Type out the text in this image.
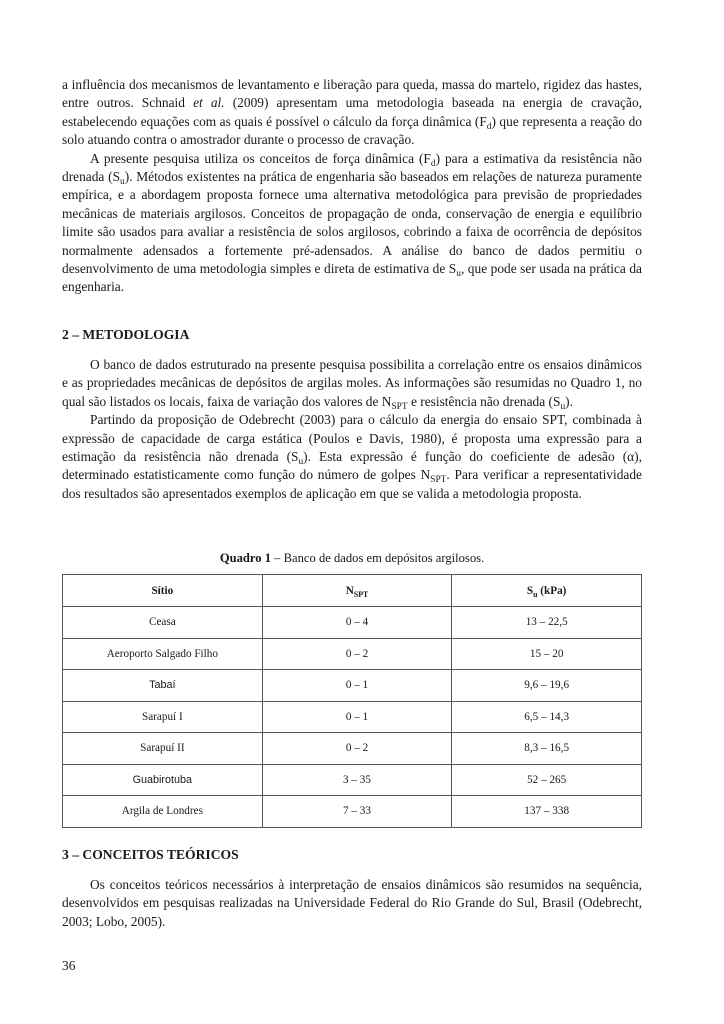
a influência dos mecanismos de levantamento e liberação para queda, massa do martelo, rigidez das hastes, entre outros. Schnaid et al. (2009) apresentam uma metodologia baseada na energia de cravação, estabelecendo equações com as quais é possível o cálculo da força dinâmica $(F_d)$ que representa a reação do solo atuando contra o amostrador durante o processo de cravação.

A presente pesquisa utiliza os conceitos de força dinâmica $(F_d)$ para a estimativa da resistência não drenada $(S_u)$. Métodos existentes na prática de engenharia são baseados em relações de natureza puramente empírica, e a abordagem proposta fornece uma alternativa metodológica para previsão de propriedades mecânicas de materiais argilosos. Conceitos de propagação de onda, conservação de energia e equilíbrio limite são usados para avaliar a resistência de solos argilosos, cobrindo a faixa de ocorrência de depósitos normalmente adensados a fortemente pré-adensados. A análise do banco de dados permitiu o desenvolvimento de uma metodologia simples e direta de estimativa de $S_u$, que pode ser usada na prática da engenharia.

2 – METODOLOGIA

O banco de dados estruturado na presente pesquisa possibilita a correlação entre os ensaios dinâmicos e as propriedades mecânicas de depósitos de argilas moles. As informações são resumidas no Quadro 1, no qual são listados os locais, faixa de variação dos valores de $N_{SPT}$ e resistência não drenada $(S_u)$.

Partindo da proposição de Odebrecht (2003) para o cálculo da energia do ensaio SPT, combinada à expressão de capacidade de carga estática (Poulos e Davis, 1980), é proposta uma expressão para a estimação da resistência não drenada $(S_u)$. Esta expressão é função do coeficiente de adesão (α), determinado estatisticamente como função do número de golpes $N_{SPT}$. Para verificar a representatividade dos resultados são apresentados exemplos de aplicação em que se valida a metodologia proposta.

Quadro 1 – Banco de dados em depósitos argilosos.

Sítio	$N_{SPT}$	$S_u$ (kPa)
Ceasa	0 – 4	13 – 22,5
Aeroporto Salgado Filho	0 – 2	15 – 20
Tabaí	0 – 1	9,6 – 19,6
Sarapuí I	0 – 1	6,5 – 14,3
Sarapuí II	0 – 2	8,3 – 16,5
Guabirotuba	3 – 35	52 – 265
Argila de Londres	7 – 33	137 – 338
3 – CONCEITOS TEÓRICOS

Os conceitos teóricos necessários à interpretação de ensaios dinâmicos são resumidos na sequência, desenvolvidos em pesquisas realizadas na Universidade Federal do Rio Grande do Sul, Brasil (Odebrecht, 2003; Lobo, 2005).

36
